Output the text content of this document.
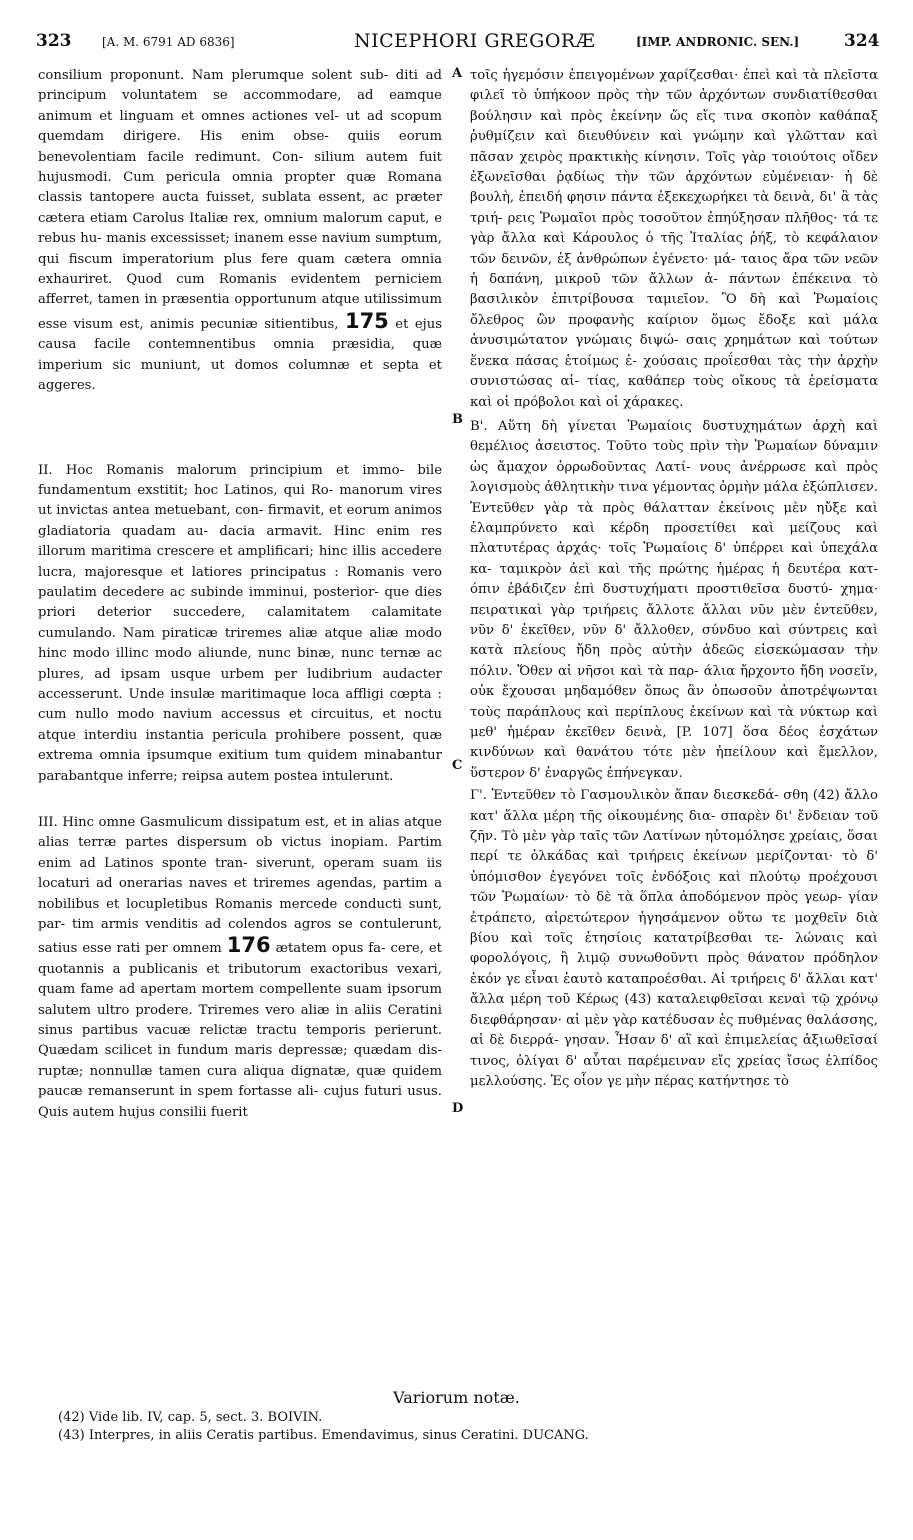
323	[A. M. 6791 AD 6836]	NICEPHORI GREGORÆ	[IMP. ANDRONIC. SEN.]	324
A
B
C
D

consilium proponunt. Nam plerumque solent sub- diti ad principum voluntatem se accommodare, ad eamque animum et linguam et omnes actiones vel- ut ad scopum quemdam dirigere. His enim obse- quiis eorum benevolentiam facile redimunt. Con- silium autem fuit hujusmodi. Cum pericula omnia propter quæ Romana classis tantopere aucta fuisset, sublata essent, ac præter cætera etiam Carolus Italiæ rex, omnium malorum caput, e rebus hu- manis excessisset; inanem esse navium sumptum, qui fiscum imperatorium plus fere quam cætera omnia exhauriret. Quod cum Romanis evidentem perniciem afferret, tamen in præsentia opportunum atque utilissimum esse visum est, animis pecuniæ sitientibus, 175 et ejus causa facile contemnentibus omnia præsidia, quæ imperium sic muniunt, ut domos columnæ et septa et aggeres.

II. Hoc Romanis malorum principium et immo- bile fundamentum exstitit; hoc Latinos, qui Ro- manorum vires ut invictas antea metuebant, con- firmavit, et eorum animos gladiatoria quadam au- dacia armavit. Hinc enim res illorum maritima crescere et amplificari; hinc illis accedere lucra, majoresque et latiores principatus : Romanis vero paulatim decedere ac subinde imminui, posterior- que dies priori deterior succedere, calamitatem calamitate cumulando. Nam piraticæ triremes aliæ atque aliæ modo hinc modo illinc modo aliunde, nunc binæ, nunc ternæ ac plures, ad ipsam usque urbem per ludibrium audacter accesserunt. Unde insulæ maritimaque loca affligi cœpta : cum nullo modo navium accessus et circuitus, et noctu atque interdiu instantia pericula prohibere possent, quæ extrema omnia ipsumque exitium tum quidem minabantur parabantque inferre; reipsa autem postea intulerunt.

III. Hinc omne Gasmulicum dissipatum est, et in alias atque alias terræ partes dispersum ob victus inopiam. Partim enim ad Latinos sponte tran- siverunt, operam suam iis locaturi ad onerarias naves et triremes agendas, partim a nobilibus et locupletibus Romanis mercede conducti sunt, par- tim armis venditis ad colendos agros se contulerunt, satius esse rati per omnem 176 ætatem opus fa- cere, et quotannis a publicanis et tributorum exactoribus vexari, quam fame ad apertam mortem compellente suam ipsorum salutem ultro prodere. Triremes vero aliæ in aliis Ceratini sinus partibus vacuæ relictæ tractu temporis perierunt. Quædam scilicet in fundum maris depressæ; quædam dis- ruptæ; nonnullæ tamen cura aliqua dignatæ, quæ quidem paucæ remanserunt in spem fortasse ali- cujus futuri usus. Quis autem hujus consilii fuerit

τοῖς ἡγεμόσιν ἑπειγομένων χαρίζεσθαι· ἐπεὶ καὶ τὰ πλεῖστα φιλεῖ τὸ ὑπήκοον πρὸς τὴν τῶν ἀρχόντων συνδιατίθεσθαι βούλησιν καὶ πρὸς ἐκείνην ὥς εἴς τινα σκοπὸν καθάπαξ ῥυθμίζειν καὶ διευθύνειν καὶ γνώμην καὶ γλῶτταν καὶ πᾶσαν χειρὸς πρακτικὴς κίνησιν. Τοῖς γὰρ τοιούτοις οἴδεν ἐξωνεῖσθαι ῥᾳδίως τὴν τῶν ἀρχόντων εὐμένειαν· ἡ δὲ βουλὴ, ἐπειδή φησιν πάντα ἐξεκεχωρήκει τὰ δεινὰ, δι' ἃ τὰς τριή- ρεις Ῥωμαῖοι πρὸς τοσοῦτον ἐπηύξησαν πλῆθος· τά τε γὰρ ἄλλα καὶ Κάρουλος ὁ τῆς Ἰταλίας ῥήξ, τὸ κεφάλαιον τῶν δεινῶν, ἐξ ἀνθρώπων ἐγένετο· μά- ταιος ἄρα τῶν νεῶν ἡ δαπάνη, μικροῦ τῶν ἄλλων ἁ- πάντων ἐπέκεινα τὸ βασιλικὸν ἐπιτρίβουσα ταμιεῖον. Ὃ δὴ καὶ Ῥωμαίοις ὄλεθρος ὢν προφανὴς καίριον ὅμως ἔδοξε καὶ μάλα ἀνυσιμώτατον γνώμαις διψώ- σαις χρημάτων καὶ τούτων ἕνεκα πάσας ἑτοίμως ἐ- χούσαις προΐεσθαι τὰς τὴν ἀρχὴν συνιστώσας αἰ- τίας, καθάπερ τοὺς οἴκους τὰ ἐρείσματα καὶ οἱ πρόβολοι καὶ οἱ χάρακες.

Β'. Αὕτη δὴ γίνεται Ῥωμαίοις δυστυχημάτων ἀρχὴ καὶ θεμέλιος ἀσειστος. Τοῦτο τοὺς πρὶν τὴν Ῥωμαίων δύναμιν ὡς ἄμαχον ὀρρωδοῦντας Λατί- νους ἀνέρρωσε καὶ πρὸς λογισμοὺς ἀθλητικὴν τινα γέμοντας ὁρμὴν μάλα ἐξώπλισεν. Ἐντεῦθεν γὰρ τὰ πρὸς θάλατταν ἐκείνοις μὲν ηὔξε καὶ ἐλαμπρύνετο καὶ κέρδη προσετίθει καὶ μείζους καὶ πλατυτέρας ἀρχάς· τοῖς Ῥωμαίοις δ' ὑπέρρει καὶ ὑπεχάλα κα- ταμικρὸν ἀεὶ καὶ τῆς πρώτης ἡμέρας ἡ δευτέρα κατ- όπιν ἐβάδιζεν ἐπὶ δυστυχήματι προστιθεῖσα δυστύ- χημα· πειρατικαὶ γὰρ τριήρεις ἄλλοτε ἄλλαι νῦν μὲν ἐντεῦθεν, νῦν δ' ἐκεῖθεν, νῦν δ' ἄλλοθεν, σύνδυο καὶ σύντρεις καὶ κατὰ πλείους ἤδη πρὸς αὐτὴν ἀδεῶς εἰσεκώμασαν τὴν πόλιν. Ὅθεν αἱ νῆσοι καὶ τὰ παρ- άλια ἤρχοντο ἤδη νοσεῖν, οὐκ ἔχουσαι μηδαμόθεν ὅπως ἂν ὁπωσοῦν ἀποτρέψωνται τοὺς παράπλους καὶ περίπλους ἐκείνων καὶ τὰ νύκτωρ καὶ μεθ' ἡμέραν ἐκεῖθεν δεινὰ, [P. 107] ὅσα δέος ἐσχάτων κινδύνων καὶ θανάτου τότε μὲν ἠπείλουν καὶ ἔμελλον, ὕστερον δ' ἐναργῶς ἐπήνεγκαν.

Γ'. Ἐντεῦθεν τὸ Γασμουλικὸν ἅπαν διεσκεδά- σθη (42) ἄλλο κατ' ἄλλα μέρη τῆς οἰκουμένης δια- σπαρὲν δι' ἔνδειαν τοῦ ζῆν. Τὸ μὲν γὰρ ταῖς τῶν Λατίνων ηὐτομόλησε χρείαις, ὅσαι περί τε ὁλκάδας καὶ τριήρεις ἐκείνων μερίζονται· τὸ δ' ὑπόμισθον ἐγεγόνει τοῖς ἐνδόξοις καὶ πλούτῳ προέχουσι τῶν Ῥωμαίων· τὸ δὲ τὰ ὅπλα ἀποδόμενον πρὸς γεωρ- γίαν ἐτράπετο, αἱρετώτερον ἡγησάμενον οὕτω τε μοχθεῖν διὰ βίου καὶ τοῖς ἐτησίοις κατατρίβεσθαι τε- λώναις καὶ φορολόγοις, ἢ λιμῷ συνωθοῦντι πρὸς θάνατον πρόδηλον ἐκόν γε εἶναι ἑαυτὸ καταπροέσθαι. Αἱ τριήρεις δ' ἄλλαι κατ' ἄλλα μέρη τοῦ Κέρως (43) καταλειφθεῖσαι κεναὶ τῷ χρόνῳ διεφθάρησαν· αἱ μὲν γὰρ κατέδυσαν ἐς πυθμένας θαλάσσης, αἱ δὲ διερρά- γησαν. Ἦσαν δ' αἳ καὶ ἐπιμελείας ἀξιωθεῖσαί τινος, ὀλίγαι δ' αὗται παρέμειναν εἴς χρείας ἴσως ἐλπίδος μελλούσης. Ἐς οἷον γε μὴν πέρας κατήντησε τὸ

Variorum notæ.
(42) Vide lib. IV, cap. 5, sect. 3. BOIVIN.
(43) Interpres, in aliis Ceratis partibus. Emendavimus, sinus Ceratini. DUCANG.
